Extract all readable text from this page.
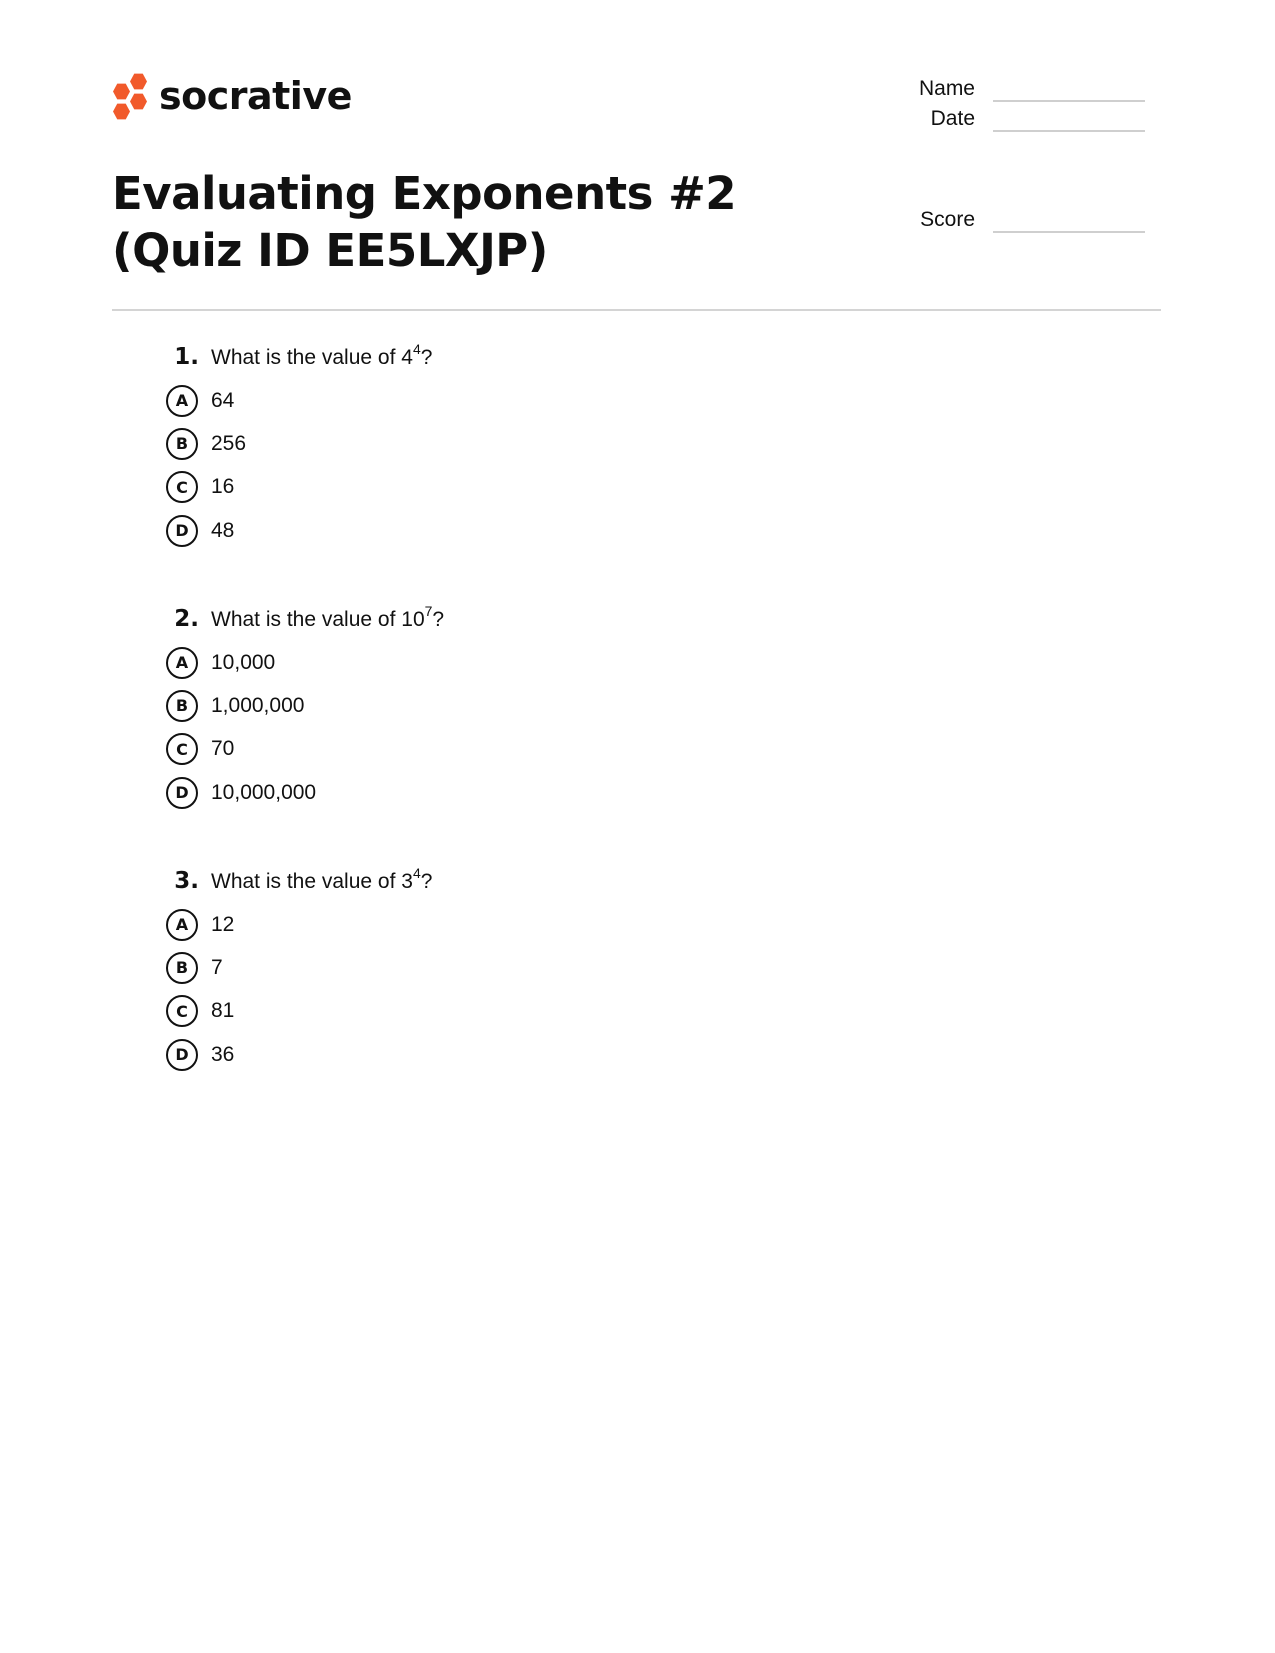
socrative	Name
Date
Score
Evaluating Exponents #2 (Quiz ID EE5LXJP)
1. What is the value of $4^4$?
A	64
B	256
C	16
D	48
2. What is the value of $10^7$?
A	10,000
B	1,000,000
C	70
D	10,000,000
3. What is the value of $3^4$?
A	12
B	7
C	81
D	36
